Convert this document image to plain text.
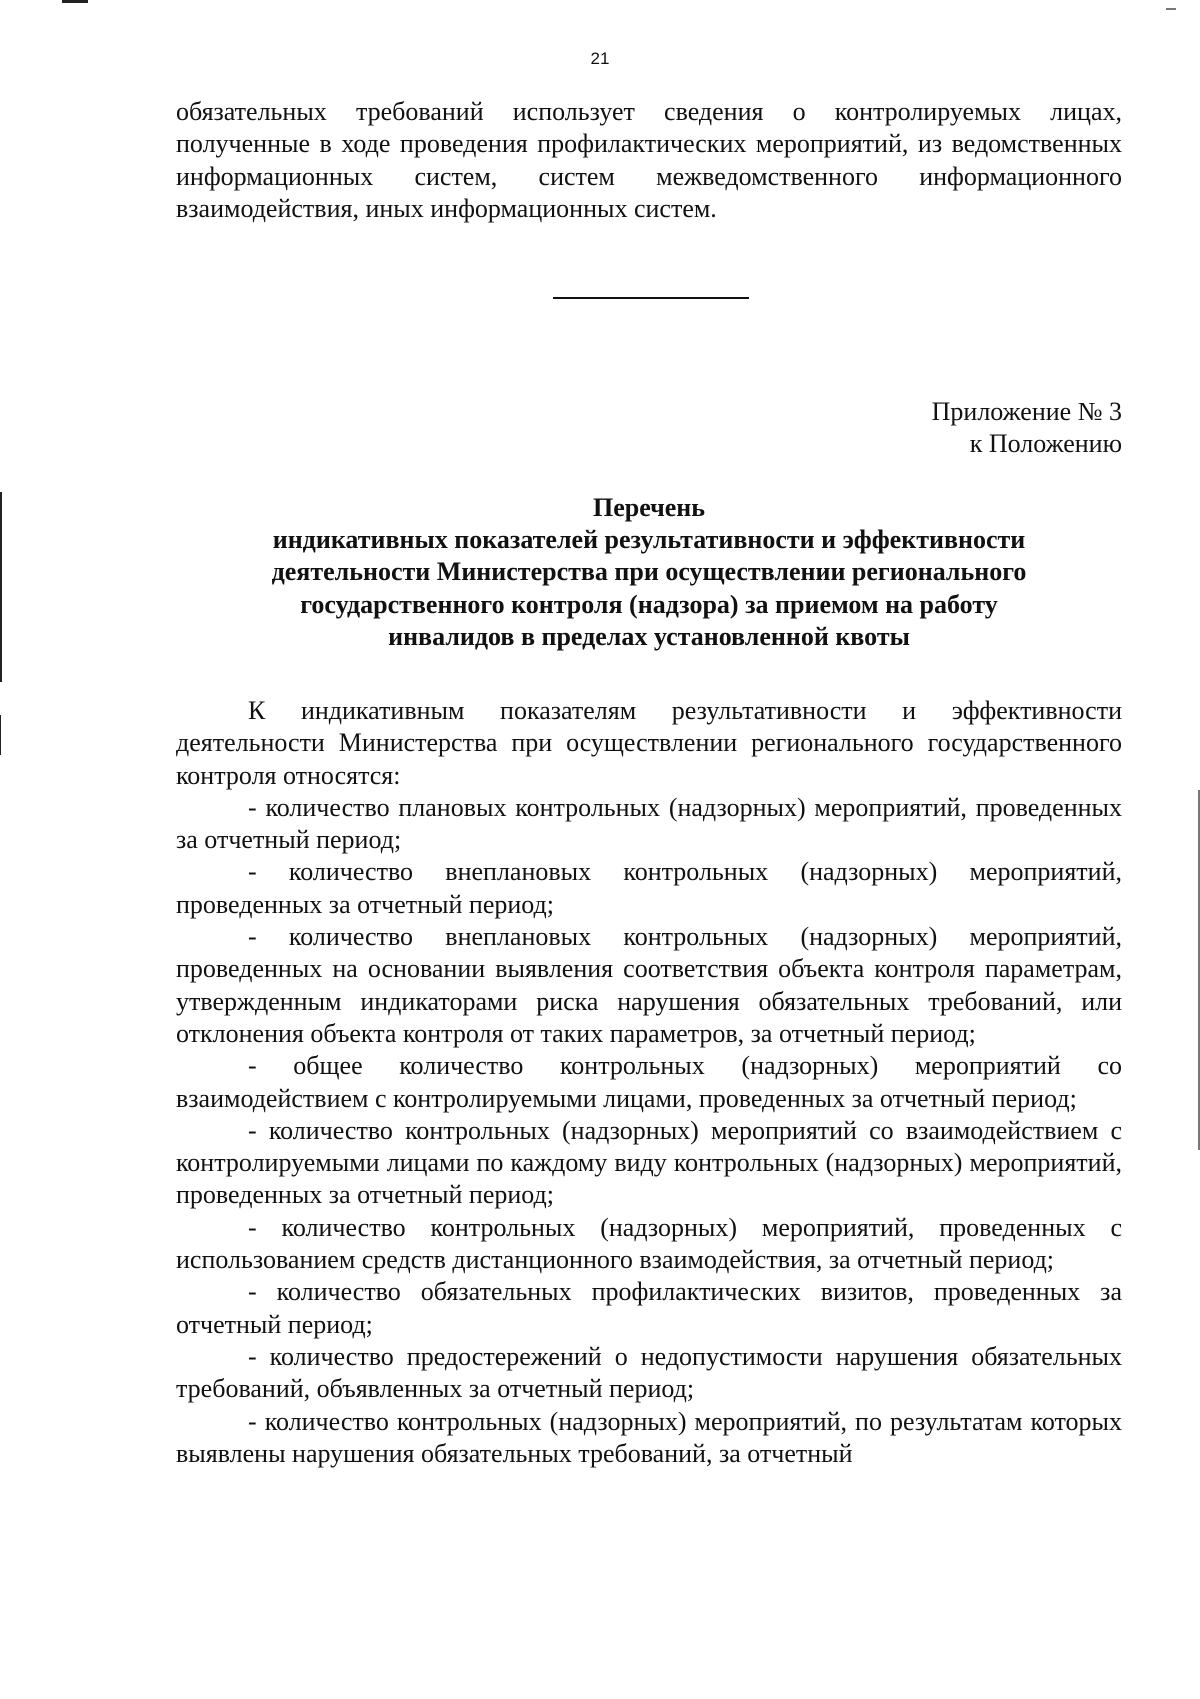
21

обязательных требований использует сведения о контролируемых лицах, полученные в ходе проведения профилактических мероприятий, из ведомственных информационных систем, систем межведомственного информационного взаимодействия, иных информационных систем.

Приложение № 3
к Положению
Перечень
индикативных показателей результативности и эффективности
деятельности Министерства при осуществлении регионального
государственного контроля (надзора) за приемом на работу
инвалидов в пределах установленной квоты

К индикативным показателям результативности и эффективности деятельности Министерства при осуществлении регионального государственного контроля относятся:

- количество плановых контрольных (надзорных) мероприятий, проведенных за отчетный период;

- количество внеплановых контрольных (надзорных) мероприятий, проведенных за отчетный период;

- количество внеплановых контрольных (надзорных) мероприятий, проведенных на основании выявления соответствия объекта контроля параметрам, утвержденным индикаторами риска нарушения обязательных требований, или отклонения объекта контроля от таких параметров, за отчетный период;

- общее количество контрольных (надзорных) мероприятий со взаимодействием с контролируемыми лицами, проведенных за отчетный период;

- количество контрольных (надзорных) мероприятий со взаимодействием с контролируемыми лицами по каждому виду контрольных (надзорных) мероприятий, проведенных за отчетный период;

- количество контрольных (надзорных) мероприятий, проведенных с использованием средств дистанционного взаимодействия, за отчетный период;

- количество обязательных профилактических визитов, проведенных за отчетный период;

- количество предостережений о недопустимости нарушения обязательных требований, объявленных за отчетный период;

- количество контрольных (надзорных) мероприятий, по результатам которых выявлены нарушения обязательных требований, за отчетный
